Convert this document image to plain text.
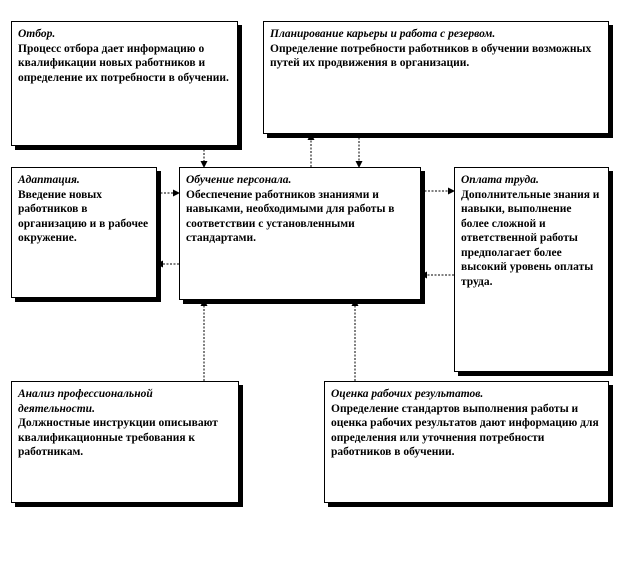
Отбор.
Процесс отбора дает информацию о квалификации новых работников и определение их потребности в обучении.
Планирование карьеры и работа с резервом.
Определение потребности работников в обучении возможных путей их продвижения в организации.
Адаптация.
Введение новых работников в организацию и в рабочее окружение.
Обучение персонала.
Обеспечение работников знаниями и навыками, необходимыми для работы в соответствии с установленными стандартами.
Оплата труда.
Дополнительные знания и навыки, выполнение более сложной и ответственной работы предполагает более высокий уровень оплаты труда.
Анализ профессиональной деятельности.
Должностные инструкции описывают квалификационные требования к работникам.
Оценка рабочих результатов.
Определение стандартов выполнения работы и оценка рабочих результатов дают информацию для определения или уточнения потребности работников в обучении.
